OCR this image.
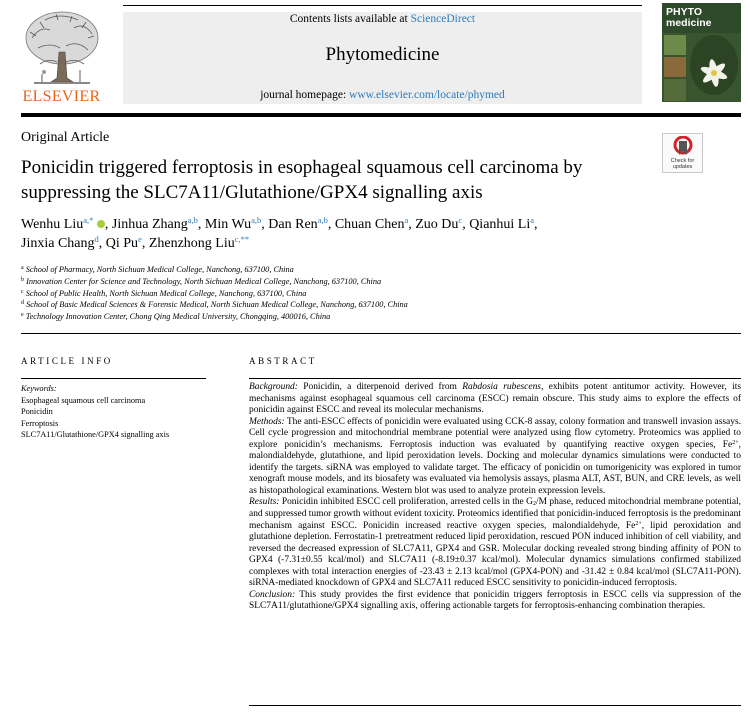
ELSEVIER
Contents lists available at ScienceDirect
Phytomedicine
journal homepage: www.elsevier.com/locate/phymed
PHYTO
medicine
Original Article
Check for updates
Ponicidin triggered ferroptosis in esophageal squamous cell carcinoma by suppressing the SLC7A11/Glutathione/GPX4 signalling axis
Wenhu Liu$^{a,*}$ , Jinhua Zhang$^{a,b}$, Min Wu$^{a,b}$, Dan Ren$^{a,b}$, Chuan Chen$^a$, Zuo Du$^c$, Qianhui Li$^a$,
Jinxia Chang$^d$, Qi Pu$^e$, Zhenzhong Liu$^{c,**}$
$^a$ School of Pharmacy, North Sichuan Medical College, Nanchong, 637100, China
$^b$ Innovation Center for Science and Technology, North Sichuan Medical College, Nanchong, 637100, China
$^c$ School of Public Health, North Sichuan Medical College, Nanchong, 637100, China
$^d$ School of Basic Medical Sciences & Forensic Medical, North Sichuan Medical College, Nanchong, 637100, China
$^e$ Technology Innovation Center, Chong Qing Medical University, Chongqing, 400016, China
ARTICLE INFO
Keywords:
Esophageal squamous cell carcinoma
Ponicidin
Ferroptosis
SLC7A11/Glutathione/GPX4 signalling axis
ABSTRACT

Background: Ponicidin, a diterpenoid derived from Rabdosia rubescens, exhibits potent antitumor activity. However, its mechanisms against esophageal squamous cell carcinoma (ESCC) remain obscure. This study aims to explore the effects of ponicidin against ESCC and reveal its molecular mechanisms.

Methods: The anti-ESCC effects of ponicidin were evaluated using CCK-8 assay, colony formation and transwell invasion assays. Cell cycle progression and mitochondrial membrane potential were analyzed using flow cytometry. Proteomics was applied to explore ponicidin’s mechanisms. Ferroptosis induction was evaluated by quantifying reactive oxygen species, $Fe^{2+}$, malondialdehyde, glutathione, and lipid peroxidation levels. Docking and molecular dynamics simulations were conducted to identify the targets. siRNA was employed to validate target. The efficacy of ponicidin on tumorigenicity was explored in tumor xenograft mouse models, and its biosafety was evaluated via hemolysis assays, plasma ALT, AST, BUN, and CRE levels, as well as histopathological examinations. Western blot was used to analyze protein expression levels.

Results: Ponicidin inhibited ESCC cell proliferation, arrested cells in the $G_2/M$ phase, reduced mitochondrial membrane potential, and suppressed tumor growth without evident toxicity. Proteomics identified that ponicidin-induced ferroptosis is the predominant mechanism against ESCC. Ponicidin increased reactive oxygen species, malondialdehyde, $Fe^{2+}$, lipid peroxidation and glutathione depletion. Ferrostatin-1 pretreatment reduced lipid peroxidation, rescued PON induced inhibition of cell viability, and reversed the decreased expression of SLC7A11, GPX4 and GSR. Molecular docking revealed strong binding affinity of PON to GPX4 (-7.31±0.55 kcal/mol) and SLC7A11 (-8.19±0.37 kcal/mol). Molecular dynamics simulations confirmed stabilized complexes with total interaction energies of -23.43 ± 2.13 kcal/mol (GPX4-PON) and -31.42 ± 0.84 kcal/mol (SLC7A11-PON). siRNA-mediated knockdown of GPX4 and SLC7A11 reduced ESCC sensitivity to ponicidin-induced ferroptosis.

Conclusion: This study provides the first evidence that ponicidin triggers ferroptosis in ESCC cells via suppression of the SLC7A11/glutathione/GPX4 signalling axis, offering actionable targets for ferroptosis-enhancing combination therapies.
